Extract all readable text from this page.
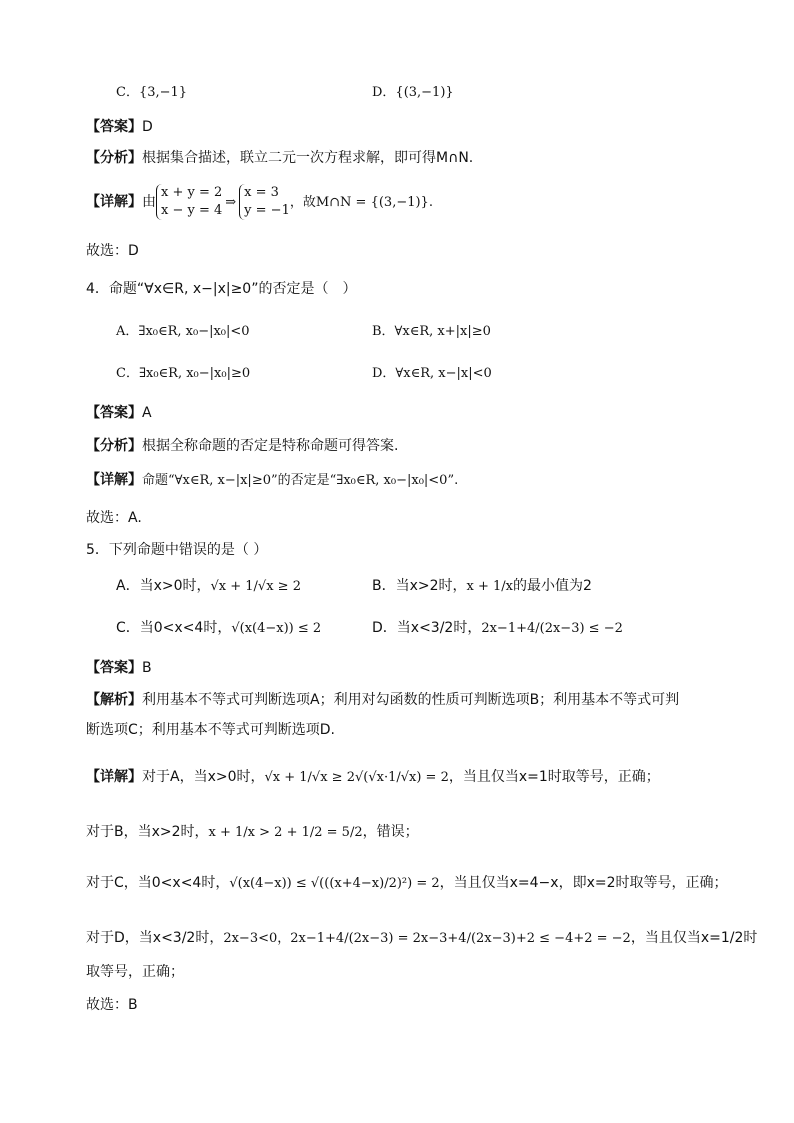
C．{3,−1}	D．{(3,−1)}
【答案】D
【分析】根据集合描述，联立二元一次方程求解，即可得M∩N.
【详解】由
x + y = 2
x − y = 4
⇒
x = 3
y = −1
，故M∩N = {(3,−1)}.
故选：D
4．命题“∀x∈R, x−|x|≥0”的否定是（　）
A．∃x₀∈R, x₀−|x₀|<0	B．∀x∈R, x+|x|≥0
C．∃x₀∈R, x₀−|x₀|≥0	D．∀x∈R, x−|x|<0
【答案】A
【分析】根据全称命题的否定是特称命题可得答案.
【详解】命题“∀x∈R, x−|x|≥0”的否定是“∃x₀∈R, x₀−|x₀|<0”.
故选：A.
5．下列命题中错误的是（ ）
A．当x>0时，√x + 1/√x ≥ 2	B．当x>2时，x + 1/x的最小值为2
C．当0<x<4时，√(x(4−x)) ≤ 2	D．当x<3/2时，2x−1+4/(2x−3) ≤ −2
【答案】B
【解析】利用基本不等式可判断选项A；利用对勾函数的性质可判断选项B；利用基本不等式可判
断选项C；利用基本不等式可判断选项D.
【详解】对于A，当x>0时，√x + 1/√x ≥ 2√(√x·1/√x) = 2，当且仅当x=1时取等号，正确；
对于B，当x>2时，x + 1/x > 2 + 1/2 = 5/2，错误；
对于C，当0<x<4时，√(x(4−x)) ≤ √(((x+4−x)/2)²) = 2，当且仅当x=4−x，即x=2时取等号，正确；
对于D，当x<3/2时，2x−3<0，2x−1+4/(2x−3) = 2x−3+4/(2x−3)+2 ≤ −4+2 = −2，当且仅当x=1/2时
取等号，正确；
故选：B
